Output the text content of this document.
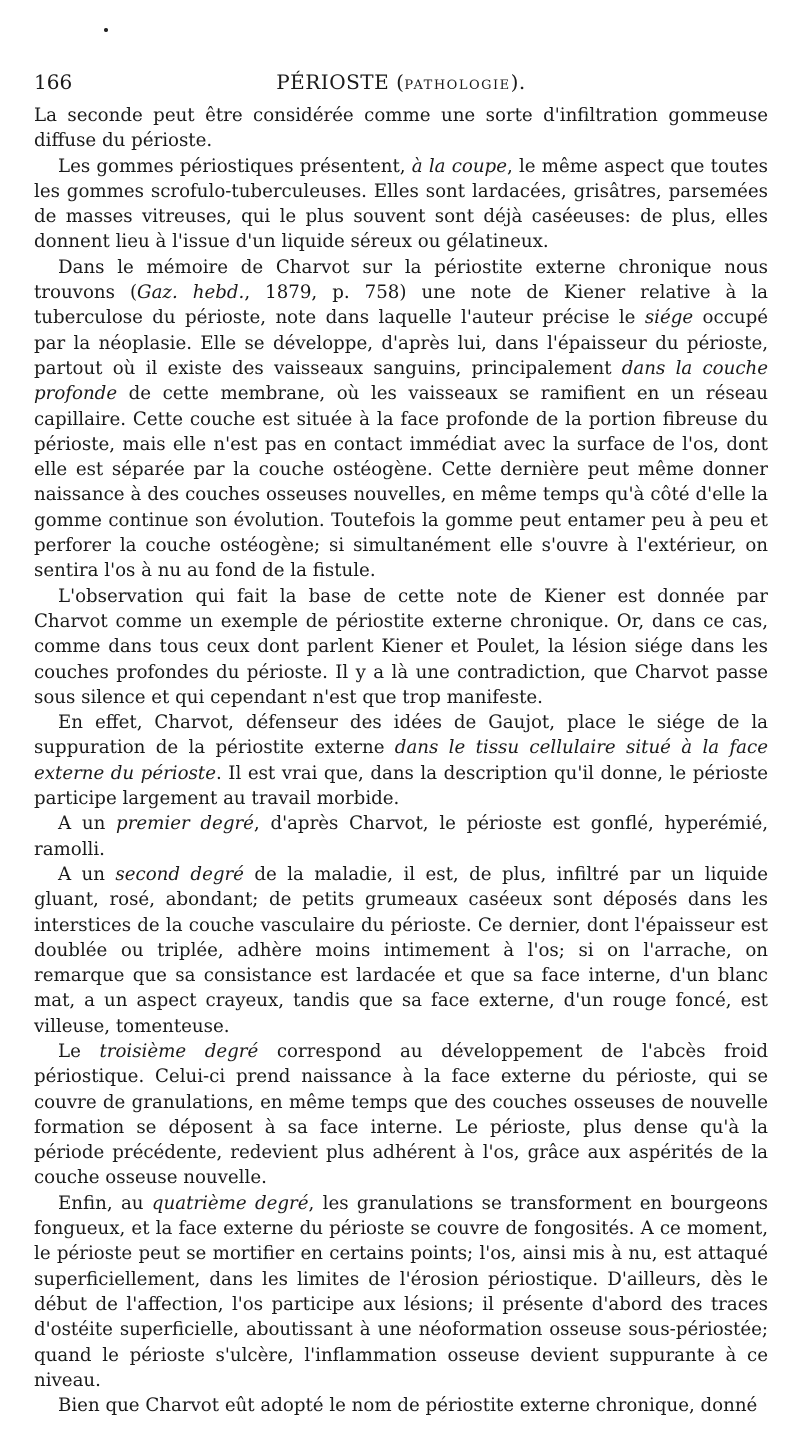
166	PÉRIOSTE (PATHOLOGIE).

La seconde peut être considérée comme une sorte d'infiltration gommeuse diffuse du périoste.

Les gommes périostiques présentent, à la coupe, le même aspect que toutes les gommes scrofulo-tuberculeuses. Elles sont lardacées, grisâtres, parsemées de masses vitreuses, qui le plus souvent sont déjà caséeuses: de plus, elles donnent lieu à l'issue d'un liquide séreux ou gélatineux.

Dans le mémoire de Charvot sur la périostite externe chronique nous trouvons (Gaz. hebd., 1879, p. 758) une note de Kiener relative à la tuberculose du périoste, note dans laquelle l'auteur précise le siége occupé par la néoplasie. Elle se développe, d'après lui, dans l'épaisseur du périoste, partout où il existe des vaisseaux sanguins, principalement dans la couche profonde de cette membrane, où les vaisseaux se ramifient en un réseau capillaire. Cette couche est située à la face profonde de la portion fibreuse du périoste, mais elle n'est pas en contact immédiat avec la surface de l'os, dont elle est séparée par la couche ostéogène. Cette dernière peut même donner naissance à des couches osseuses nouvelles, en même temps qu'à côté d'elle la gomme continue son évolution. Toutefois la gomme peut entamer peu à peu et perforer la couche ostéogène; si simultanément elle s'ouvre à l'extérieur, on sentira l'os à nu au fond de la fistule.

L'observation qui fait la base de cette note de Kiener est donnée par Charvot comme un exemple de périostite externe chronique. Or, dans ce cas, comme dans tous ceux dont parlent Kiener et Poulet, la lésion siége dans les couches profondes du périoste. Il y a là une contradiction, que Charvot passe sous silence et qui cependant n'est que trop manifeste.

En effet, Charvot, défenseur des idées de Gaujot, place le siége de la suppuration de la périostite externe dans le tissu cellulaire situé à la face externe du périoste. Il est vrai que, dans la description qu'il donne, le périoste participe largement au travail morbide.

A un premier degré, d'après Charvot, le périoste est gonflé, hyperémié, ramolli.

A un second degré de la maladie, il est, de plus, infiltré par un liquide gluant, rosé, abondant; de petits grumeaux caséeux sont déposés dans les interstices de la couche vasculaire du périoste. Ce dernier, dont l'épaisseur est doublée ou triplée, adhère moins intimement à l'os; si on l'arrache, on remarque que sa consistance est lardacée et que sa face interne, d'un blanc mat, a un aspect crayeux, tandis que sa face externe, d'un rouge foncé, est villeuse, tomenteuse.

Le troisième degré correspond au développement de l'abcès froid périostique. Celui-ci prend naissance à la face externe du périoste, qui se couvre de granulations, en même temps que des couches osseuses de nouvelle formation se déposent à sa face interne. Le périoste, plus dense qu'à la période précédente, redevient plus adhérent à l'os, grâce aux aspérités de la couche osseuse nouvelle.

Enfin, au quatrième degré, les granulations se transforment en bourgeons fongueux, et la face externe du périoste se couvre de fongosités. A ce moment, le périoste peut se mortifier en certains points; l'os, ainsi mis à nu, est attaqué superficiellement, dans les limites de l'érosion périostique. D'ailleurs, dès le début de l'affection, l'os participe aux lésions; il présente d'abord des traces d'ostéite superficielle, aboutissant à une néoformation osseuse sous-périostée; quand le périoste s'ulcère, l'inflammation osseuse devient suppurante à ce niveau.

Bien que Charvot eût adopté le nom de périostite externe chronique, donné
